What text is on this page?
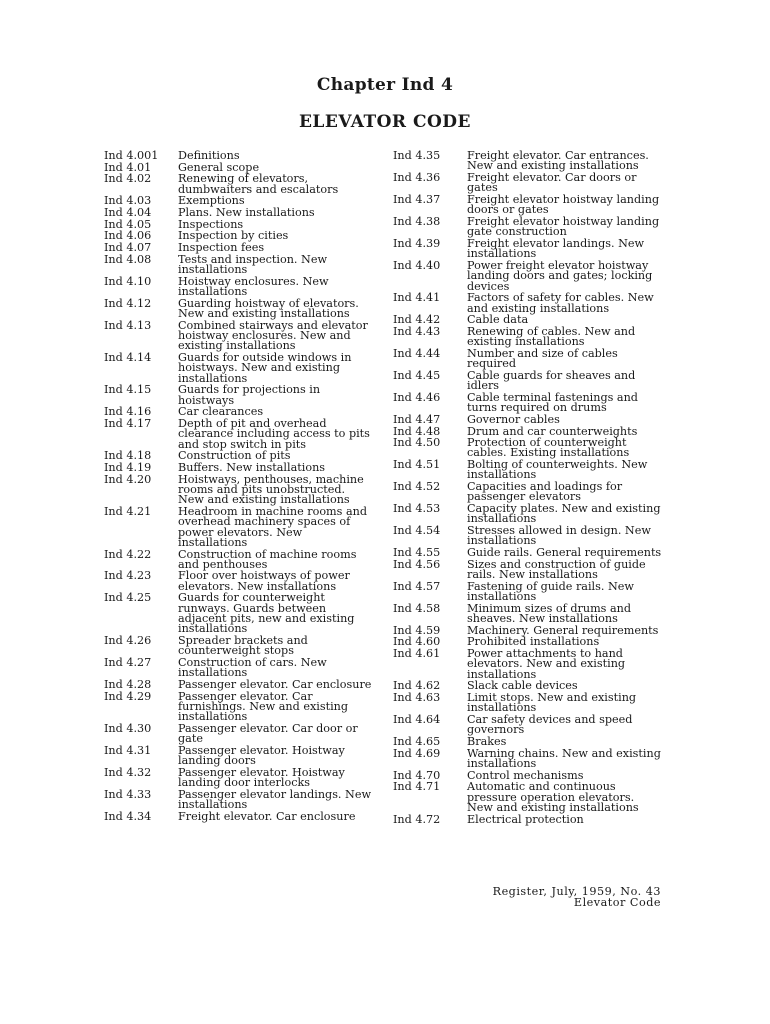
Chapter Ind 4
ELEVATOR CODE
Ind 4.001	Definitions
Ind 4.01	General scope
Ind 4.02	Renewing of elevators, dumbwaiters and escalators
Ind 4.03	Exemptions
Ind 4.04	Plans. New installations
Ind 4.05	Inspections
Ind 4.06	Inspection by cities
Ind 4.07	Inspection fees
Ind 4.08	Tests and inspection. New installations
Ind 4.10	Hoistway enclosures. New installations
Ind 4.12	Guarding hoistway of elevators. New and existing installations
Ind 4.13	Combined stairways and elevator hoistway enclosures. New and existing installations
Ind 4.14	Guards for outside windows in hoistways. New and existing installations
Ind 4.15	Guards for projections in hoistways
Ind 4.16	Car clearances
Ind 4.17	Depth of pit and overhead clearance including access to pits and stop switch in pits
Ind 4.18	Construction of pits
Ind 4.19	Buffers. New installations
Ind 4.20	Hoistways, penthouses, machine rooms and pits unobstructed. New and existing installations
Ind 4.21	Headroom in machine rooms and overhead machinery spaces of power elevators. New installations
Ind 4.22	Construction of machine rooms and penthouses
Ind 4.23	Floor over hoistways of power elevators. New installations
Ind 4.25	Guards for counterweight runways. Guards between adjacent pits, new and existing installations
Ind 4.26	Spreader brackets and counterweight stops
Ind 4.27	Construction of cars. New installations
Ind 4.28	Passenger elevator. Car enclosure
Ind 4.29	Passenger elevator. Car furnishings. New and existing installations
Ind 4.30	Passenger elevator. Car door or gate
Ind 4.31	Passenger elevator. Hoistway landing doors
Ind 4.32	Passenger elevator. Hoistway landing door interlocks
Ind 4.33	Passenger elevator landings. New installations
Ind 4.34	Freight elevator. Car enclosure
Ind 4.35	Freight elevator. Car entrances. New and existing installations
Ind 4.36	Freight elevator. Car doors or gates
Ind 4.37	Freight elevator hoistway landing doors or gates
Ind 4.38	Freight elevator hoistway landing gate construction
Ind 4.39	Freight elevator landings. New installations
Ind 4.40	Power freight elevator hoistway landing doors and gates; locking devices
Ind 4.41	Factors of safety for cables. New and existing installations
Ind 4.42	Cable data
Ind 4.43	Renewing of cables. New and existing installations
Ind 4.44	Number and size of cables required
Ind 4.45	Cable guards for sheaves and idlers
Ind 4.46	Cable terminal fastenings and turns required on drums
Ind 4.47	Governor cables
Ind 4.48	Drum and car counterweights
Ind 4.50	Protection of counterweight cables. Existing installations
Ind 4.51	Bolting of counterweights. New installations
Ind 4.52	Capacities and loadings for passenger elevators
Ind 4.53	Capacity plates. New and existing installations
Ind 4.54	Stresses allowed in design. New installations
Ind 4.55	Guide rails. General requirements
Ind 4.56	Sizes and construction of guide rails. New installations
Ind 4.57	Fastening of guide rails. New installations
Ind 4.58	Minimum sizes of drums and sheaves. New installations
Ind 4.59	Machinery. General requirements
Ind 4.60	Prohibited installations
Ind 4.61	Power attachments to hand elevators. New and existing installations
Ind 4.62	Slack cable devices
Ind 4.63	Limit stops. New and existing installations
Ind 4.64	Car safety devices and speed governors
Ind 4.65	Brakes
Ind 4.69	Warning chains. New and existing installations
Ind 4.70	Control mechanisms
Ind 4.71	Automatic and continuous pressure operation elevators. New and existing installations
Ind 4.72	Electrical protection
Register, July, 1959, No. 43
Elevator Code
